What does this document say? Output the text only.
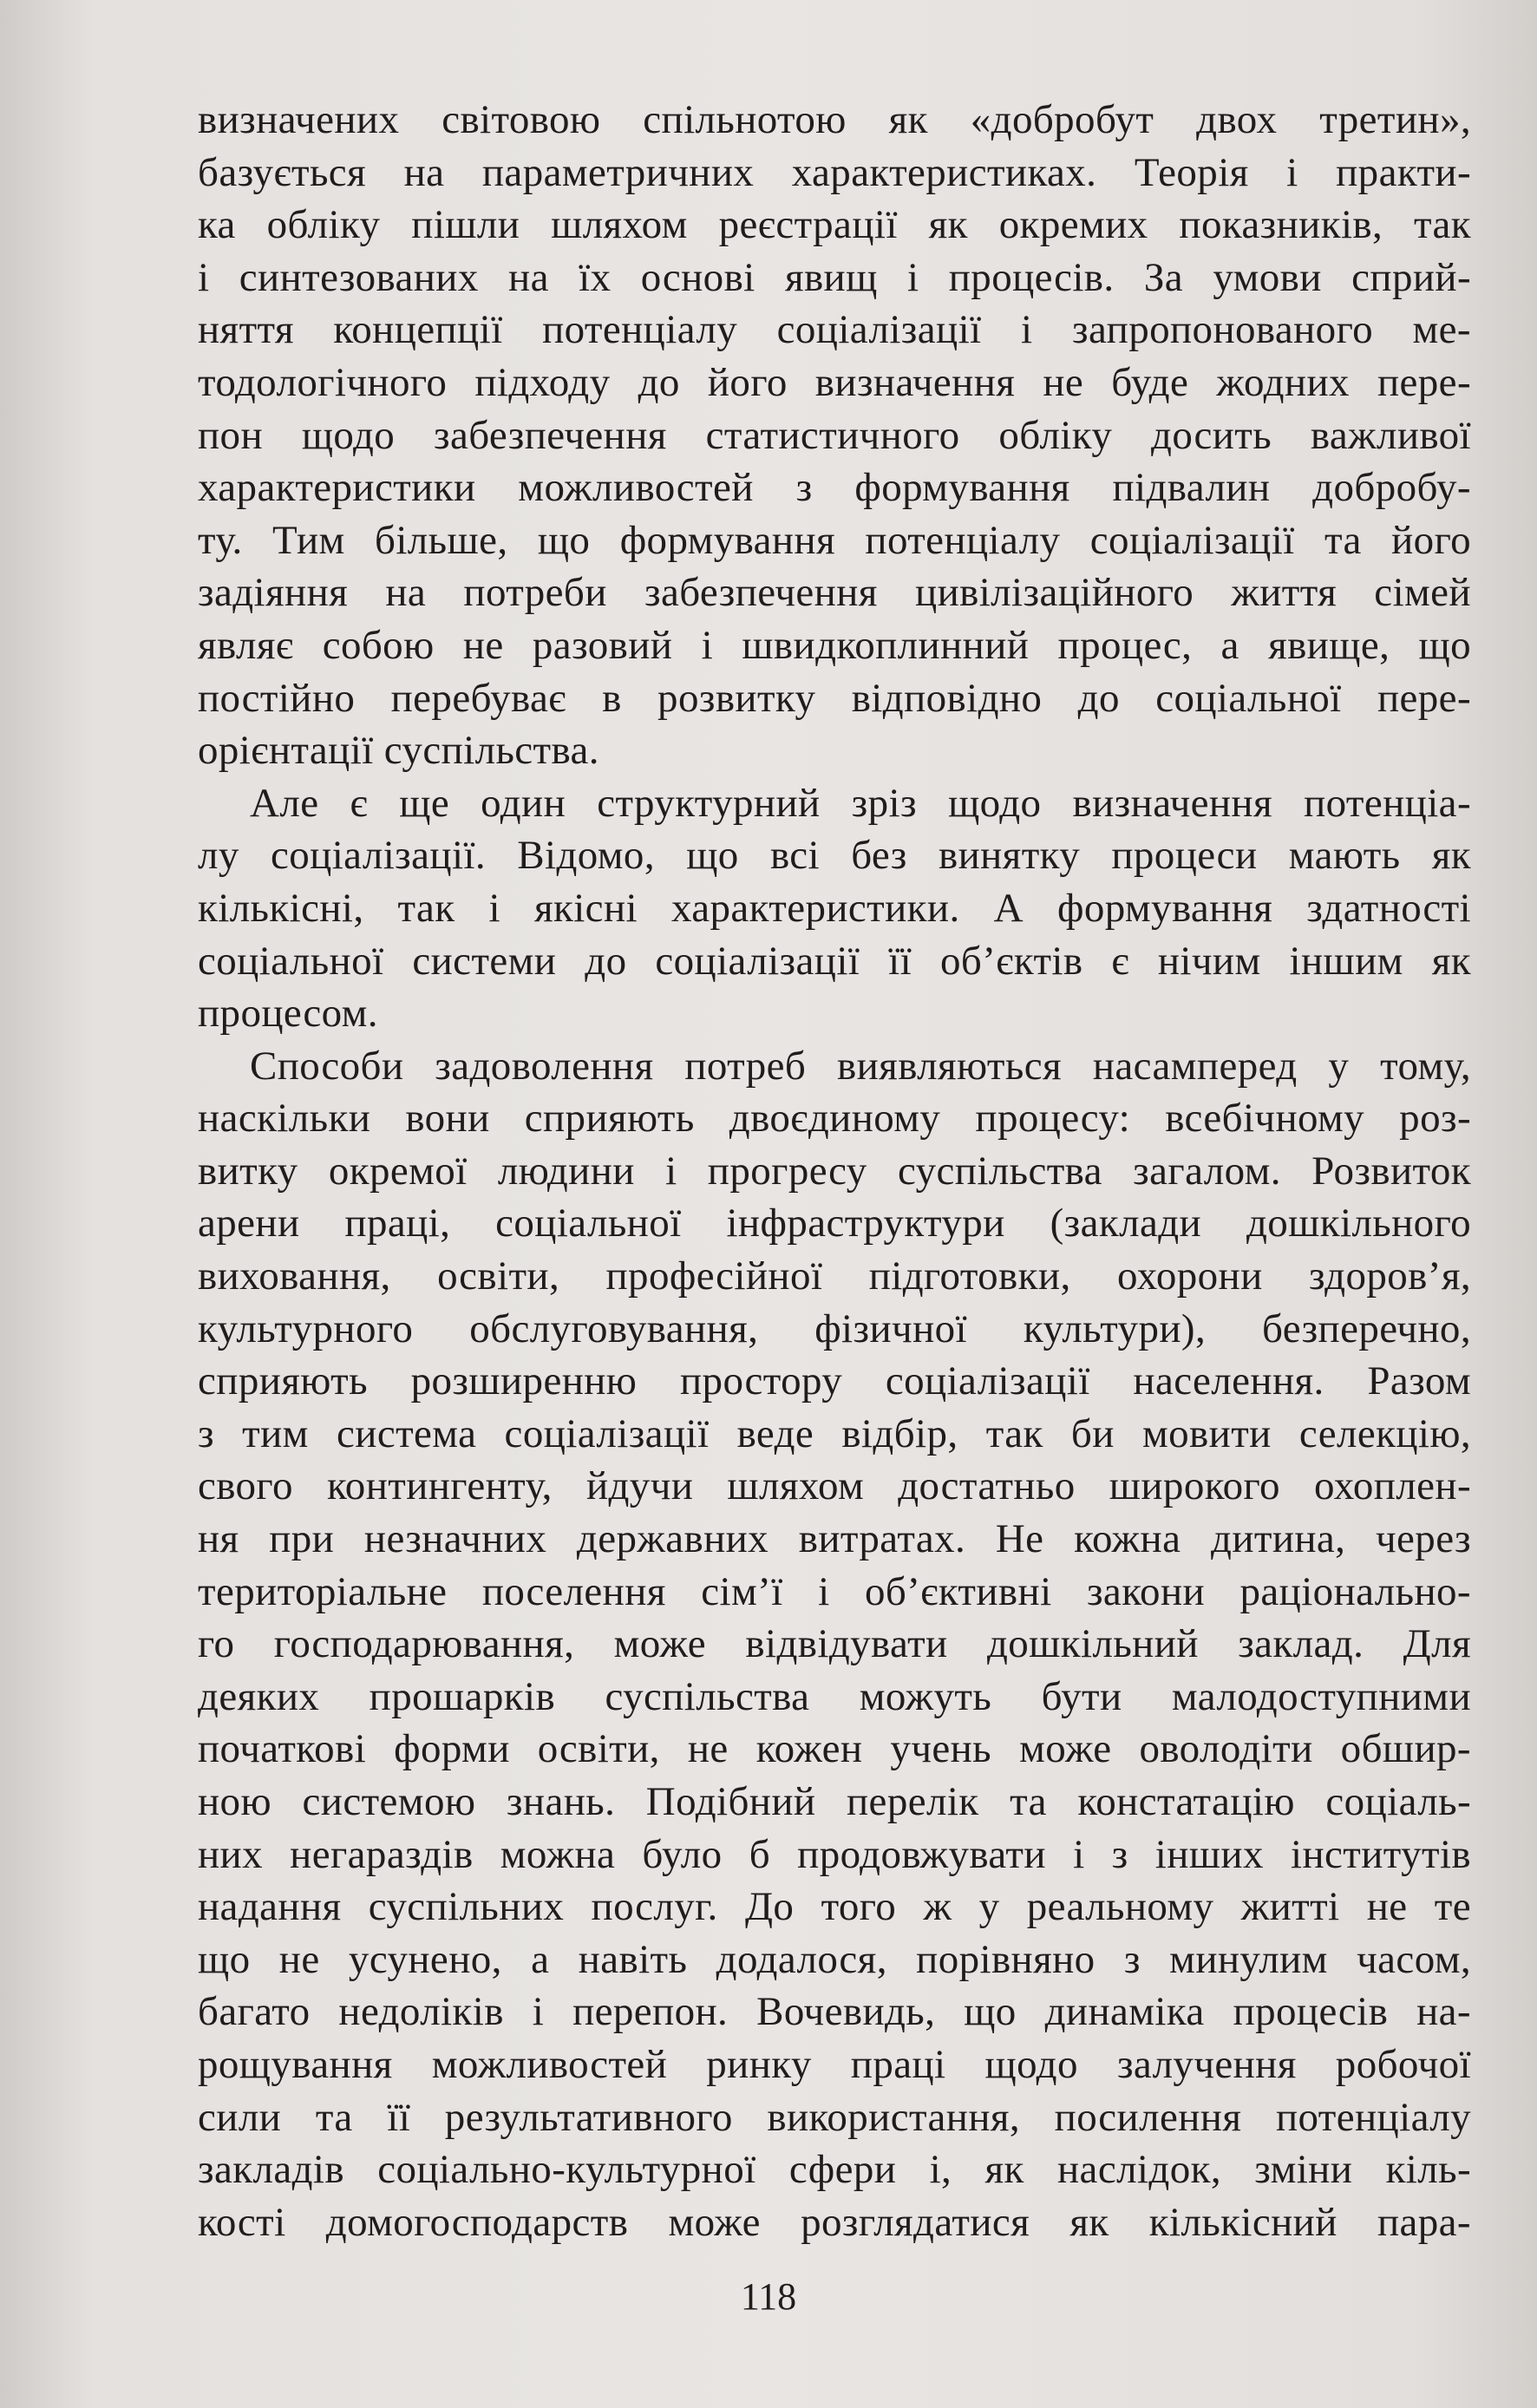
визначених світовою спільнотою як «добробут двох третин»,

базується на параметричних характеристиках. Теорія і практи-

ка обліку пішли шляхом реєстрації як окремих показників, так

і синтезованих на їх основі явищ і процесів. За умови сприй-

няття концепції потенціалу соціалізації і запропонованого ме-

тодологічного підходу до його визначення не буде жодних пере-

пон щодо забезпечення статистичного обліку досить важливої

характеристики можливостей з формування підвалин добробу-

ту. Тим більше, що формування потенціалу соціалізації та його

задіяння на потреби забезпечення цивілізаційного життя сімей

являє собою не разовий і швидкоплинний процес, а явище, що

постійно перебуває в розвитку відповідно до соціальної пере-

орієнтації суспільства.

Але є ще один структурний зріз щодо визначення потенціа-

лу соціалізації. Відомо, що всі без винятку процеси мають як

кількісні, так і якісні характеристики. А формування здатності

соціальної системи до соціалізації її об’єктів є нічим іншим як

процесом.

Способи задоволення потреб виявляються насамперед у тому,

наскільки вони сприяють двоєдиному процесу: всебічному роз-

витку окремої людини і прогресу суспільства загалом. Розвиток

арени праці, соціальної інфраструктури (заклади дошкільного

виховання, освіти, професійної підготовки, охорони здоров’я,

культурного обслуговування, фізичної культури), безперечно,

сприяють розширенню простору соціалізації населення. Разом

з тим система соціалізації веде відбір, так би мовити селекцію,

свого контингенту, йдучи шляхом достатньо широкого охоплен-

ня при незначних державних витратах. Не кожна дитина, через

територіальне поселення сім’ї і об’єктивні закони раціонально-

го господарювання, може відвідувати дошкільний заклад. Для

деяких прошарків суспільства можуть бути малодоступними

початкові форми освіти, не кожен учень може оволодіти обшир-

ною системою знань. Подібний перелік та констатацію соціаль-

них негараздів можна було б продовжувати і з інших інститутів

надання суспільних послуг. До того ж у реальному житті не те

що не усунено, а навіть додалося, порівняно з минулим часом,

багато недоліків і перепон. Вочевидь, що динаміка процесів на-

рощування можливостей ринку праці щодо залучення робочої

сили та її результативного використання, посилення потенціалу

закладів соціально-культурної сфери і, як наслідок, зміни кіль-

кості домогосподарств може розглядатися як кількісний пара-

118
